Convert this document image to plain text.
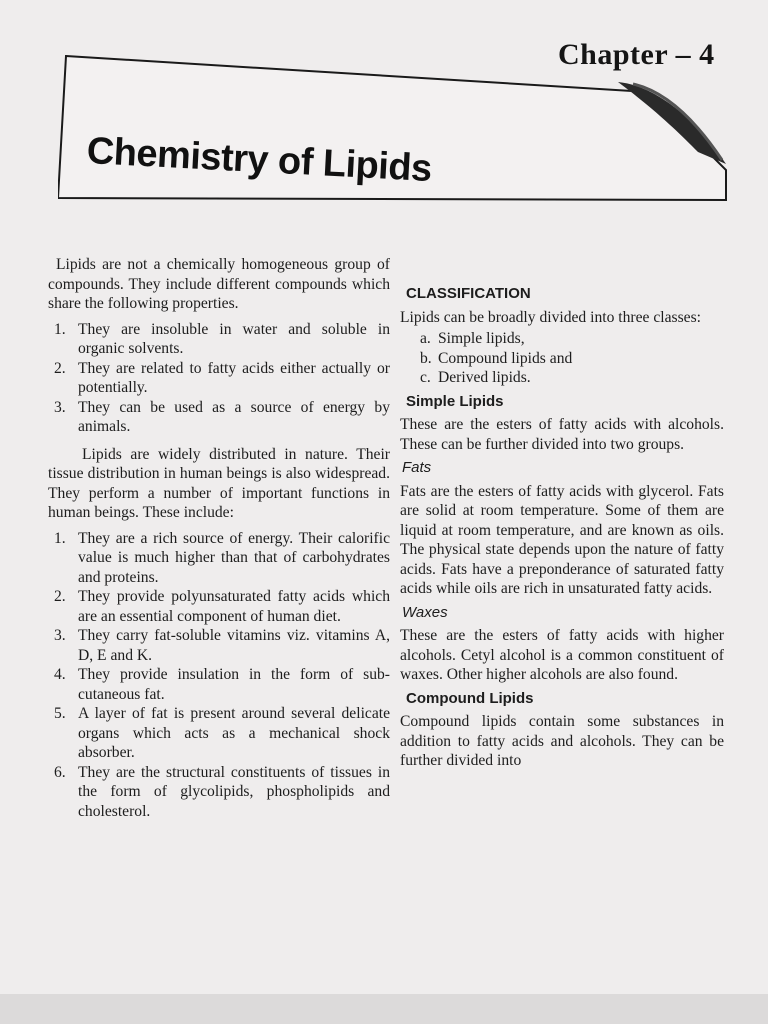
Chapter – 4
Chemistry of Lipids

Lipids are not a chemically homogeneous group of compounds. They include different compounds which share the following properties.

1. They are insoluble in water and soluble in organic solvents.
2. They are related to fatty acids either actually or potentially.
3. They can be used as a source of energy by animals.

Lipids are widely distributed in nature. Their tissue distribution in human beings is also widespread. They perform a number of important functions in human beings. These include:

1. They are a rich source of energy. Their calorific value is much higher than that of carbohydrates and proteins.
2. They provide polyunsaturated fatty acids which are an essential component of human diet.
3. They carry fat-soluble vitamins viz. vitamins A, D, E and K.
4. They provide insulation in the form of sub-cutaneous fat.
5. A layer of fat is present around several delicate organs which acts as a mechanical shock absorber.
6. They are the structural constituents of tissues in the form of glycolipids, phospholipids and cholesterol.
CLASSIFICATION

Lipids can be broadly divided into three classes:

a. Simple lipids,
b. Compound lipids and
c. Derived lipids.
Simple Lipids

These are the esters of fatty acids with alcohols. These can be further divided into two groups.

Fats

Fats are the esters of fatty acids with glycerol. Fats are solid at room temperature. Some of them are liquid at room temperature, and are known as oils. The physical state depends upon the nature of fatty acids. Fats have a preponderance of saturated fatty acids while oils are rich in unsaturated fatty acids.

Waxes

These are the esters of fatty acids with higher alcohols. Cetyl alcohol is a common constituent of waxes. Other higher alcohols are also found.

Compound Lipids

Compound lipids contain some substances in addition to fatty acids and alcohols. They can be further divided into
